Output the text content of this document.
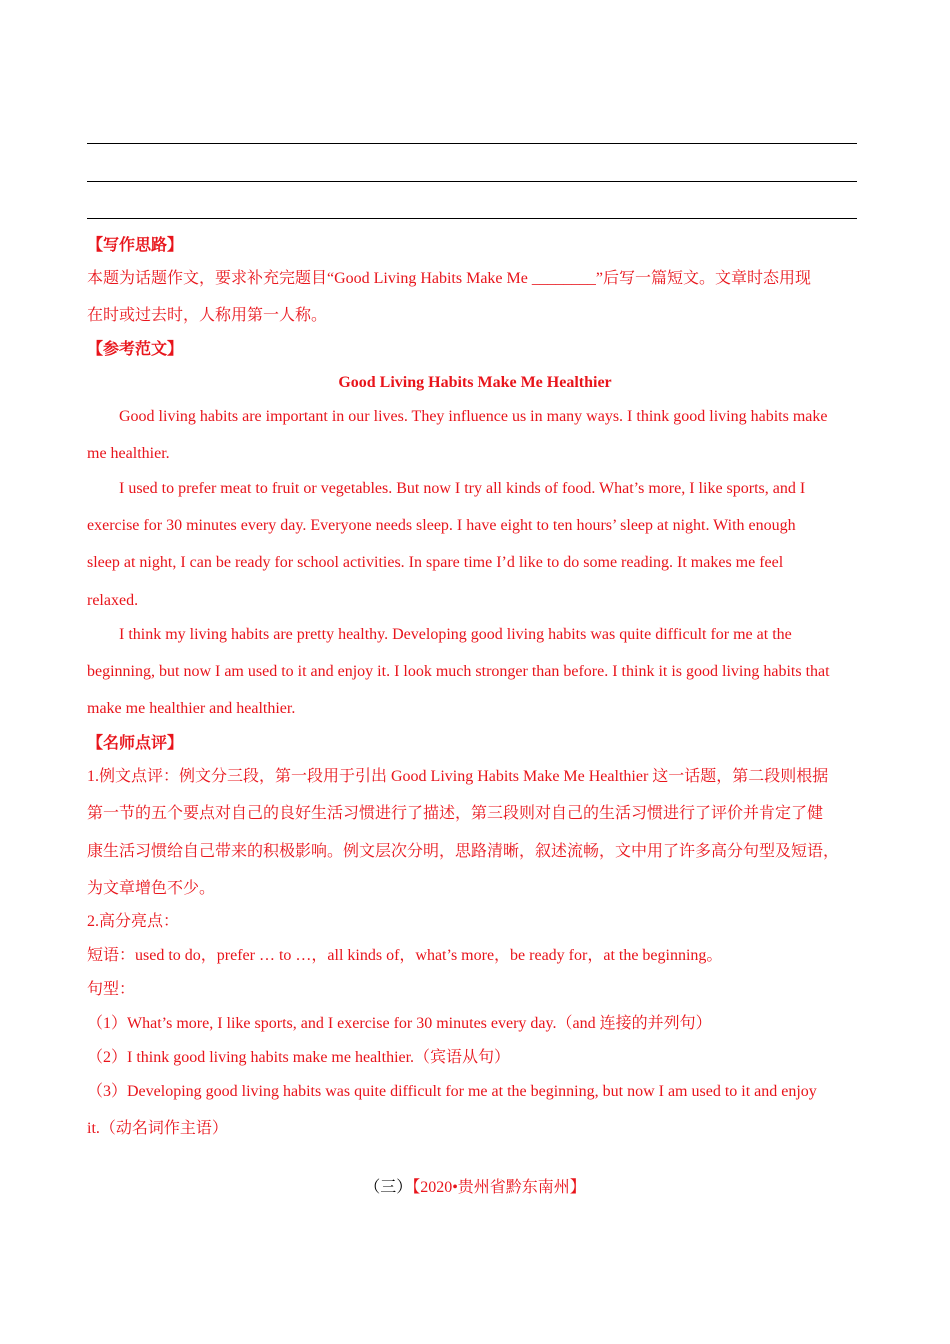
【写作思路】
本题为话题作文，要求补充完题目“Good Living Habits Make Me ________”后写一篇短文。文章时态用现
在时或过去时，人称用第一人称。
【参考范文】
Good Living Habits Make Me Healthier
Good living habits are important in our lives. They influence us in many ways. I think good living habits make
me healthier.
I used to prefer meat to fruit or vegetables. But now I try all kinds of food. What’s more, I like sports, and I
exercise for 30 minutes every day. Everyone needs sleep. I have eight to ten hours’ sleep at night. With enough
sleep at night, I can be ready for school activities. In spare time I’d like to do some reading. It makes me feel
relaxed.
I think my living habits are pretty healthy. Developing good living habits was quite difficult for me at the
beginning, but now I am used to it and enjoy it. I look much stronger than before. I think it is good living habits that
make me healthier and healthier.
【名师点评】
1.例文点评：例文分三段，第一段用于引出 Good Living Habits Make Me Healthier 这一话题，第二段则根据
第一节的五个要点对自己的良好生活习惯进行了描述，第三段则对自己的生活习惯进行了评价并肯定了健
康生活习惯给自己带来的积极影响。例文层次分明，思路清晰，叙述流畅，文中用了许多高分句型及短语，
为文章增色不少。
2.高分亮点：
短语：used to do，prefer … to …，all kinds of，what’s more，be ready for，at the beginning。
句型：
（1）What’s more, I like sports, and I exercise for 30 minutes every day.（and 连接的并列句）
（2）I think good living habits make me healthier.（宾语从句）
（3）Developing good living habits was quite difficult for me at the beginning, but now I am used to it and enjoy
it.（动名词作主语）
（三）【2020•贵州省黔东南州】
